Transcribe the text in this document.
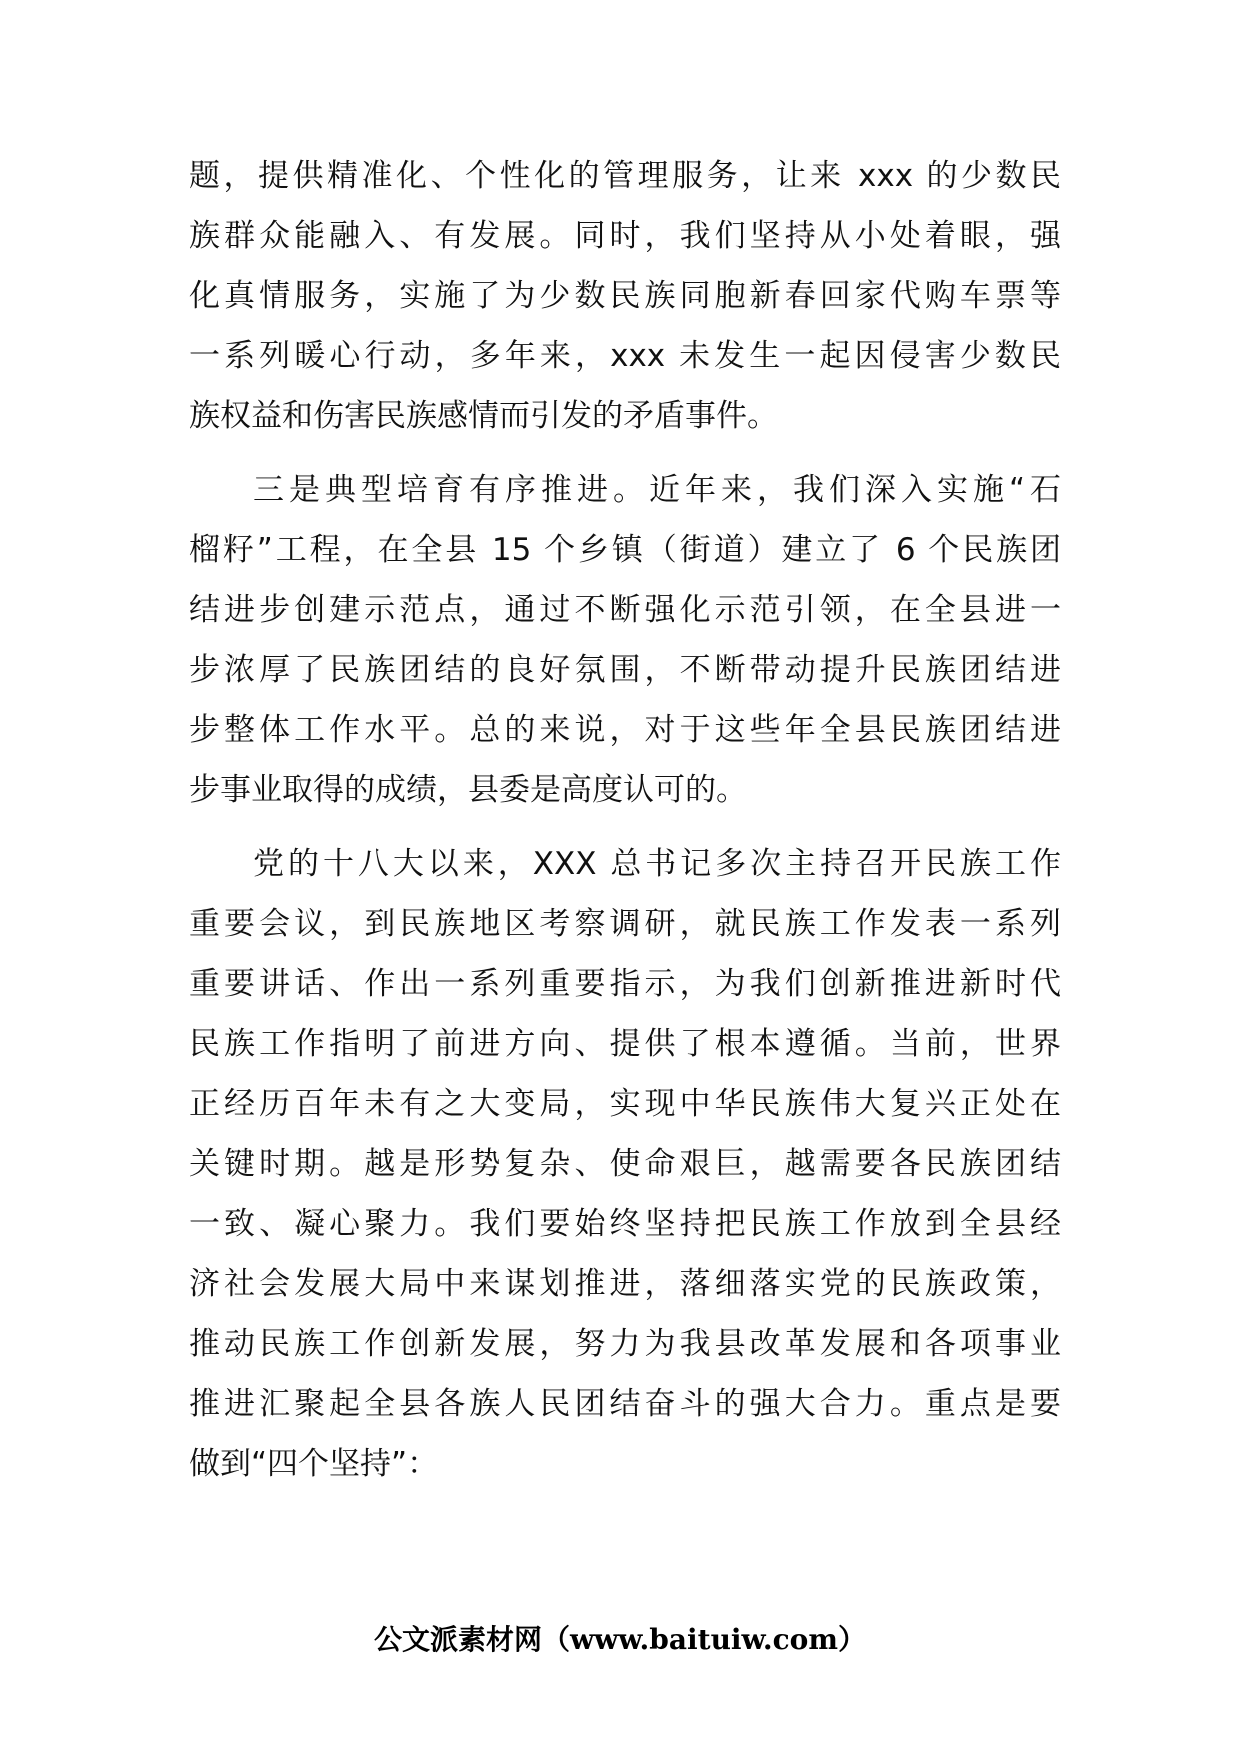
题，提供精准化、个性化的管理服务，让来 xxx 的少数民
族群众能融入、有发展。同时，我们坚持从小处着眼，强
化真情服务，实施了为少数民族同胞新春回家代购车票等
一系列暖心行动，多年来，xxx 未发生一起因侵害少数民
族权益和伤害民族感情而引发的矛盾事件。
三是典型培育有序推进。近年来，我们深入实施“石
榴籽”工程，在全县 15 个乡镇（街道）建立了 6 个民族团
结进步创建示范点，通过不断强化示范引领，在全县进一
步浓厚了民族团结的良好氛围，不断带动提升民族团结进
步整体工作水平。总的来说，对于这些年全县民族团结进
步事业取得的成绩，县委是高度认可的。
党的十八大以来，XXX 总书记多次主持召开民族工作
重要会议，到民族地区考察调研，就民族工作发表一系列
重要讲话、作出一系列重要指示，为我们创新推进新时代
民族工作指明了前进方向、提供了根本遵循。当前，世界
正经历百年未有之大变局，实现中华民族伟大复兴正处在
关键时期。越是形势复杂、使命艰巨，越需要各民族团结
一致、凝心聚力。我们要始终坚持把民族工作放到全县经
济社会发展大局中来谋划推进，落细落实党的民族政策，
推动民族工作创新发展，努力为我县改革发展和各项事业
推进汇聚起全县各族人民团结奋斗的强大合力。重点是要
做到“四个坚持”：
公文派素材网（www.baituiw.com）
